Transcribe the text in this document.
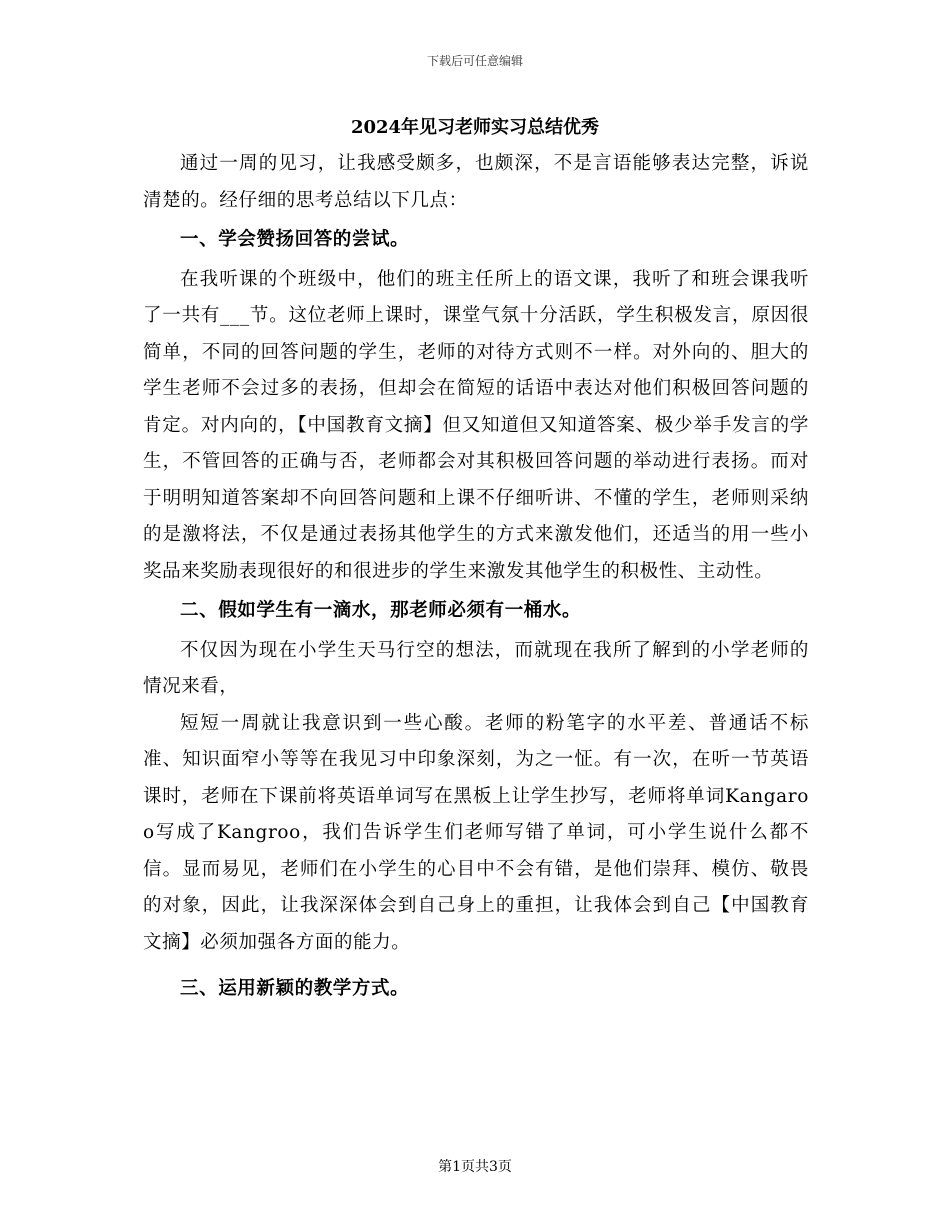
下载后可任意编辑
2024年见习老师实习总结优秀

通过一周的见习，让我感受颇多，也颇深，不是言语能够表达完整，诉说清楚的。经仔细的思考总结以下几点：

一、学会赞扬回答的尝试。

在我听课的个班级中，他们的班主任所上的语文课，我听了和班会课我听了一共有___节。这位老师上课时，课堂气氛十分活跃，学生积极发言，原因很简单，不同的回答问题的学生，老师的对待方式则不一样。对外向的、胆大的学生老师不会过多的表扬，但却会在简短的话语中表达对他们积极回答问题的肯定。对内向的，【中国教育文摘】但又知道但又知道答案、极少举手发言的学生，不管回答的正确与否，老师都会对其积极回答问题的举动进行表扬。而对于明明知道答案却不向回答问题和上课不仔细听讲、不懂的学生，老师则采纳的是激将法，不仅是通过表扬其他学生的方式来激发他们，还适当的用一些小奖品来奖励表现很好的和很进步的学生来激发其他学生的积极性、主动性。

二、假如学生有一滴水，那老师必须有一桶水。

不仅因为现在小学生天马行空的想法，而就现在我所了解到的小学老师的情况来看，

短短一周就让我意识到一些心酸。老师的粉笔字的水平差、普通话不标准、知识面窄小等等在我见习中印象深刻，为之一怔。有一次，在听一节英语课时，老师在下课前将英语单词写在黑板上让学生抄写，老师将单词Kangaroo写成了Kangroo，我们告诉学生们老师写错了单词，可小学生说什么都不信。显而易见，老师们在小学生的心目中不会有错，是他们崇拜、模仿、敬畏的对象，因此，让我深深体会到自己身上的重担，让我体会到自己【中国教育文摘】必须加强各方面的能力。

三、运用新颖的教学方式。

第1页共3页
